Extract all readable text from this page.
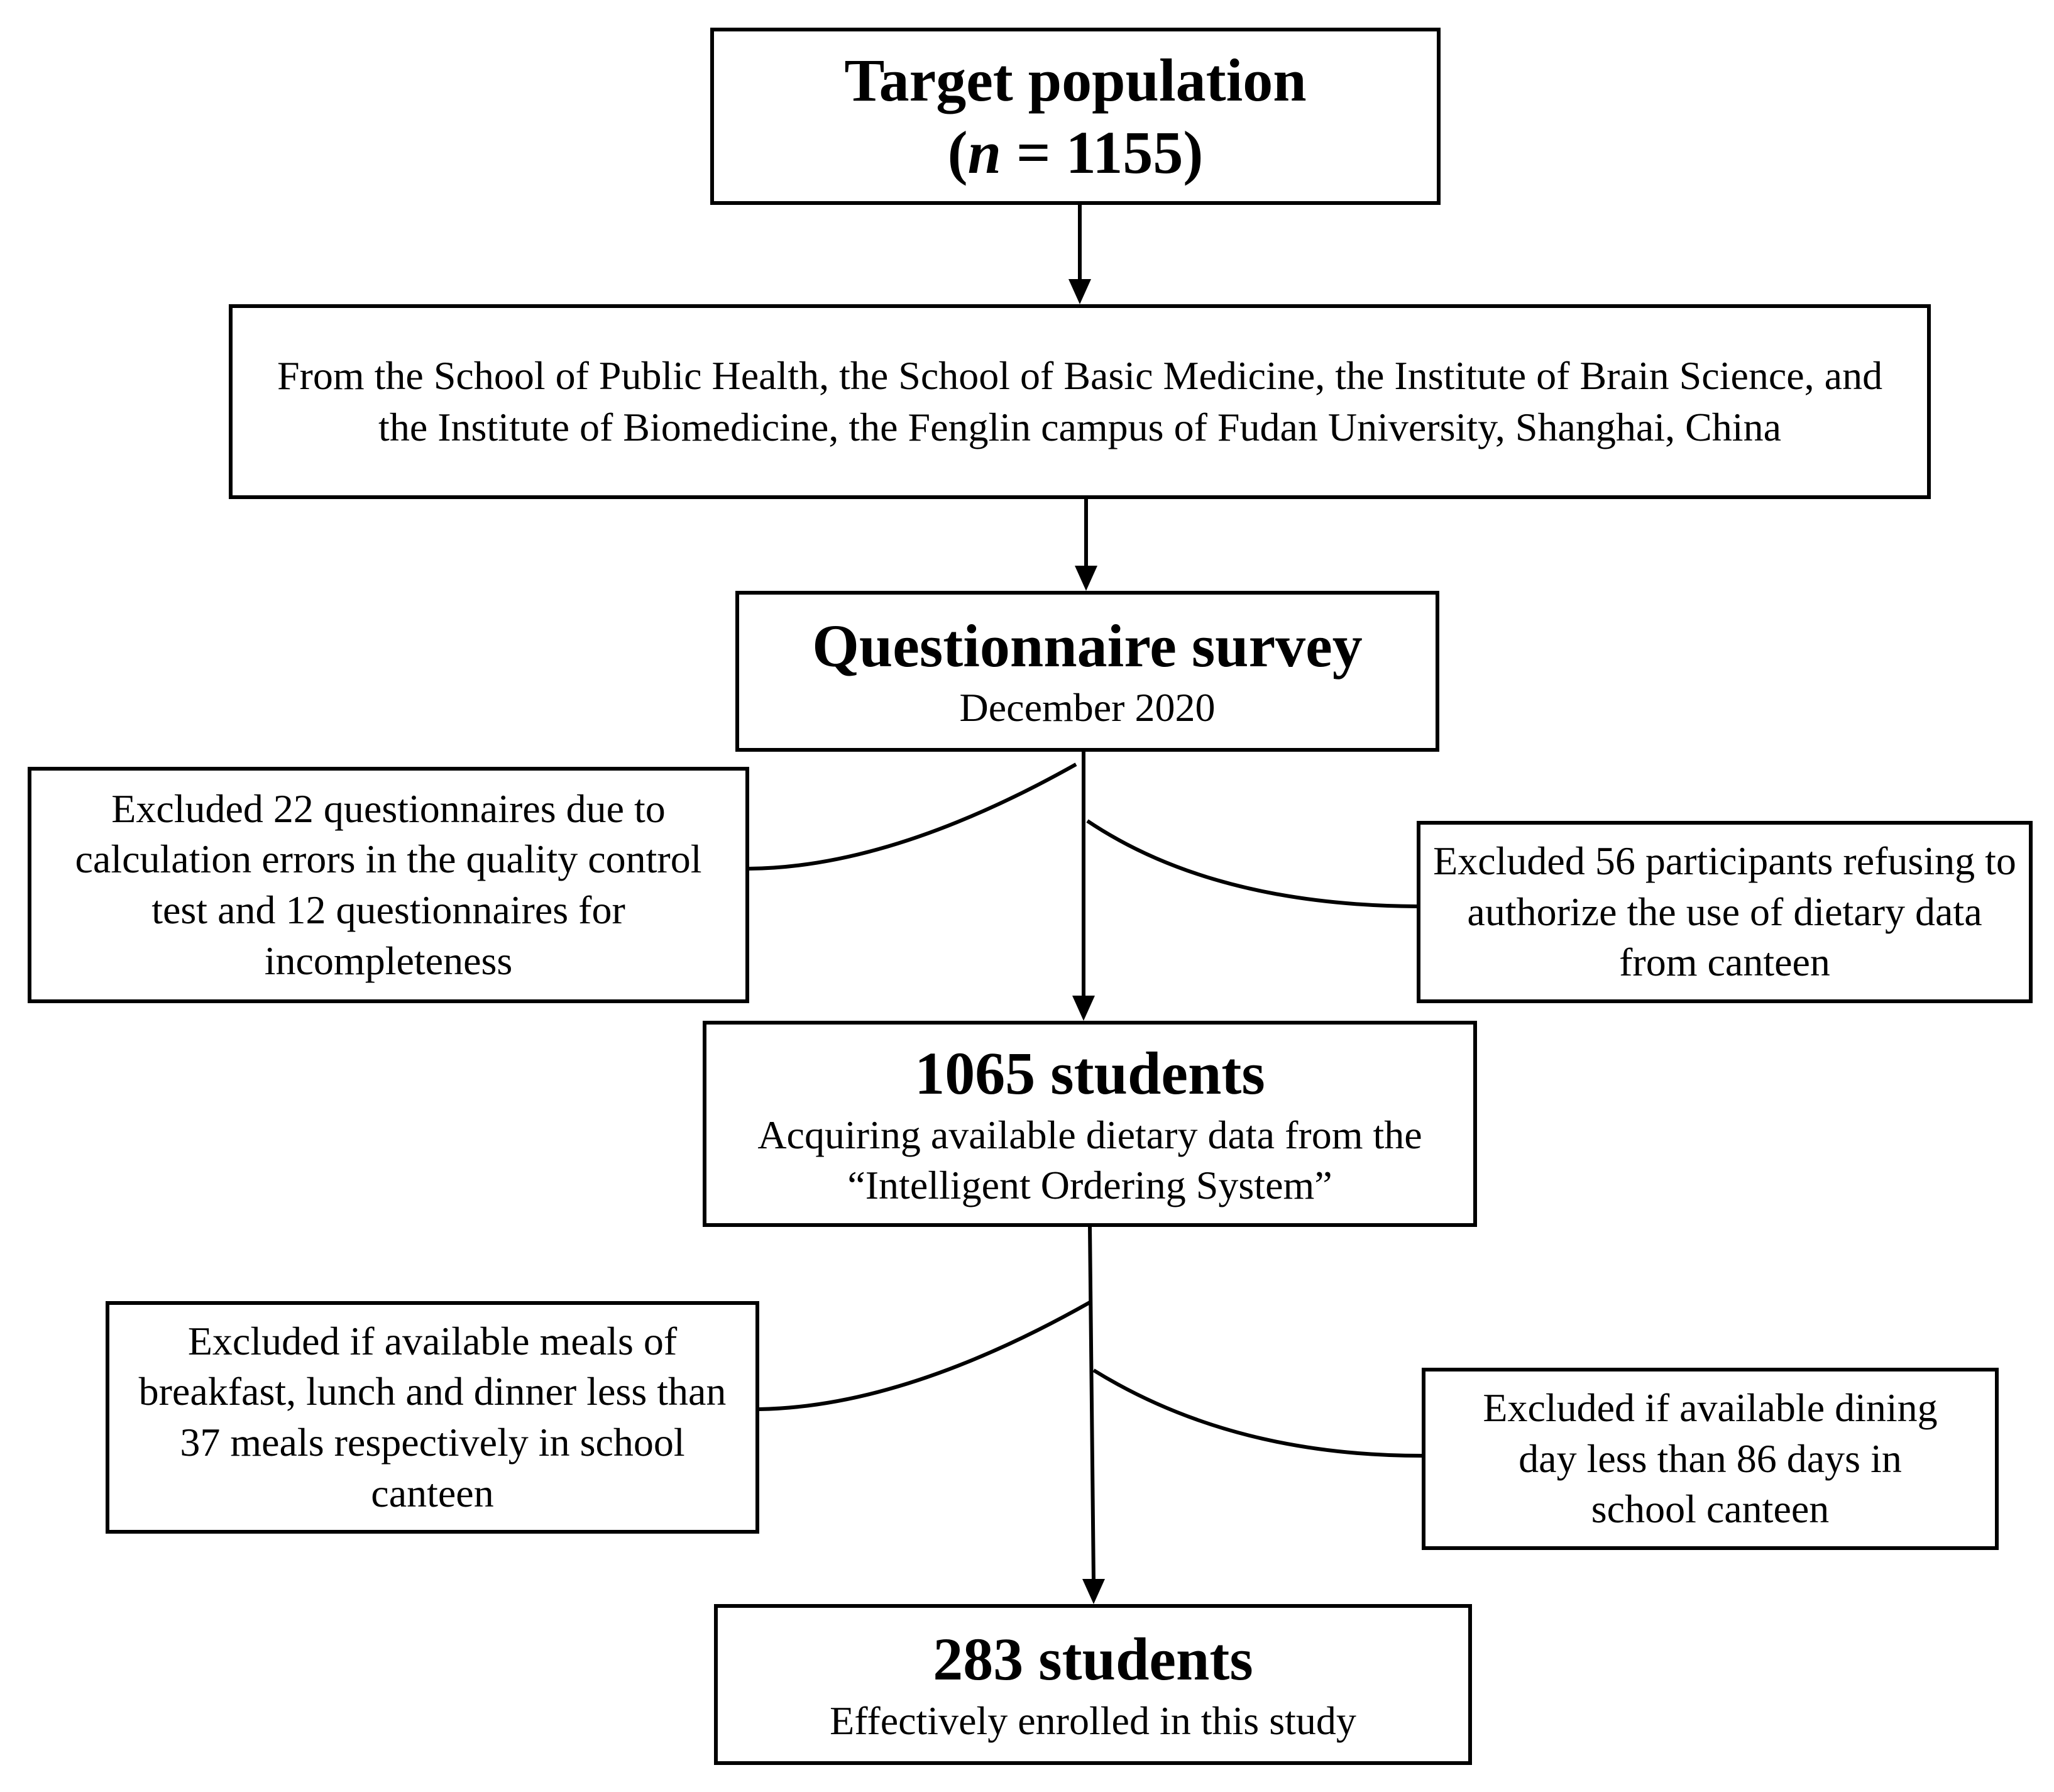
Target population
(n = 1155)
From the School of Public Health, the School of Basic Medicine, the Institute of Brain Science, and the Institute of Biomedicine, the Fenglin campus of Fudan University, Shanghai, China
Questionnaire survey
December 2020
Excluded 22 questionnaires due to calculation errors in the quality control test and 12 questionnaires for incompleteness
Excluded 56 participants refusing to authorize the use of dietary data from canteen
1065 students
Acquiring available dietary data from the “Intelligent Ordering System”
Excluded if available meals of breakfast, lunch and dinner less than 37 meals respectively in school canteen
Excluded if available dining day less than 86 days in school canteen
283 students
Effectively enrolled in this study
